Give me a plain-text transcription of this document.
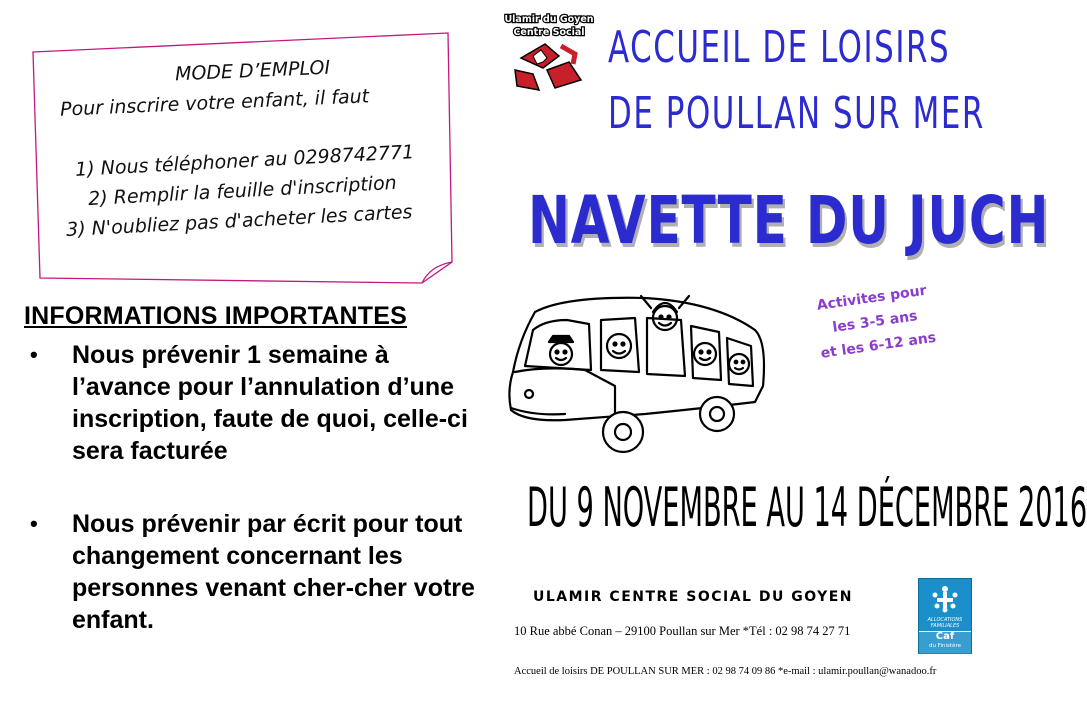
MODE D’EMPLOI
Pour inscrire votre enfant, il faut
1) Nous téléphoner au 0298742771
2) Remplir la feuille d'inscription
3) N'oubliez pas d'acheter les cartes
INFORMATIONS IMPORTANTES
• Nous prévenir 1 semaine à l’avance pour l’annulation d’une inscription, faute de quoi, celle-ci sera facturée
• Nous prévenir par écrit pour tout changement concernant les personnes venant cher-cher votre enfant.
Ulamir du Goyen
Centre Social ACCUEIL DE LOISIRS
DE POULLAN SUR MER
NAVETTE DU JUCH
Activites pour
les 3-5 ans
et les 6-12 ans
DU 9 NOVEMBRE AU 14 DÉCEMBRE 2016
ULAMIR CENTRE SOCIAL DU GOYEN
10 Rue abbé Conan – 29100 Poullan sur Mer *Tél : 02 98 74 27 71
Accueil de loisirs DE POULLAN SUR MER : 02 98 74 09 86 *e-mail : ulamir.poullan@wanadoo.fr
ALLOCATIONS
FAMILIALES
Caf
du Finistère
